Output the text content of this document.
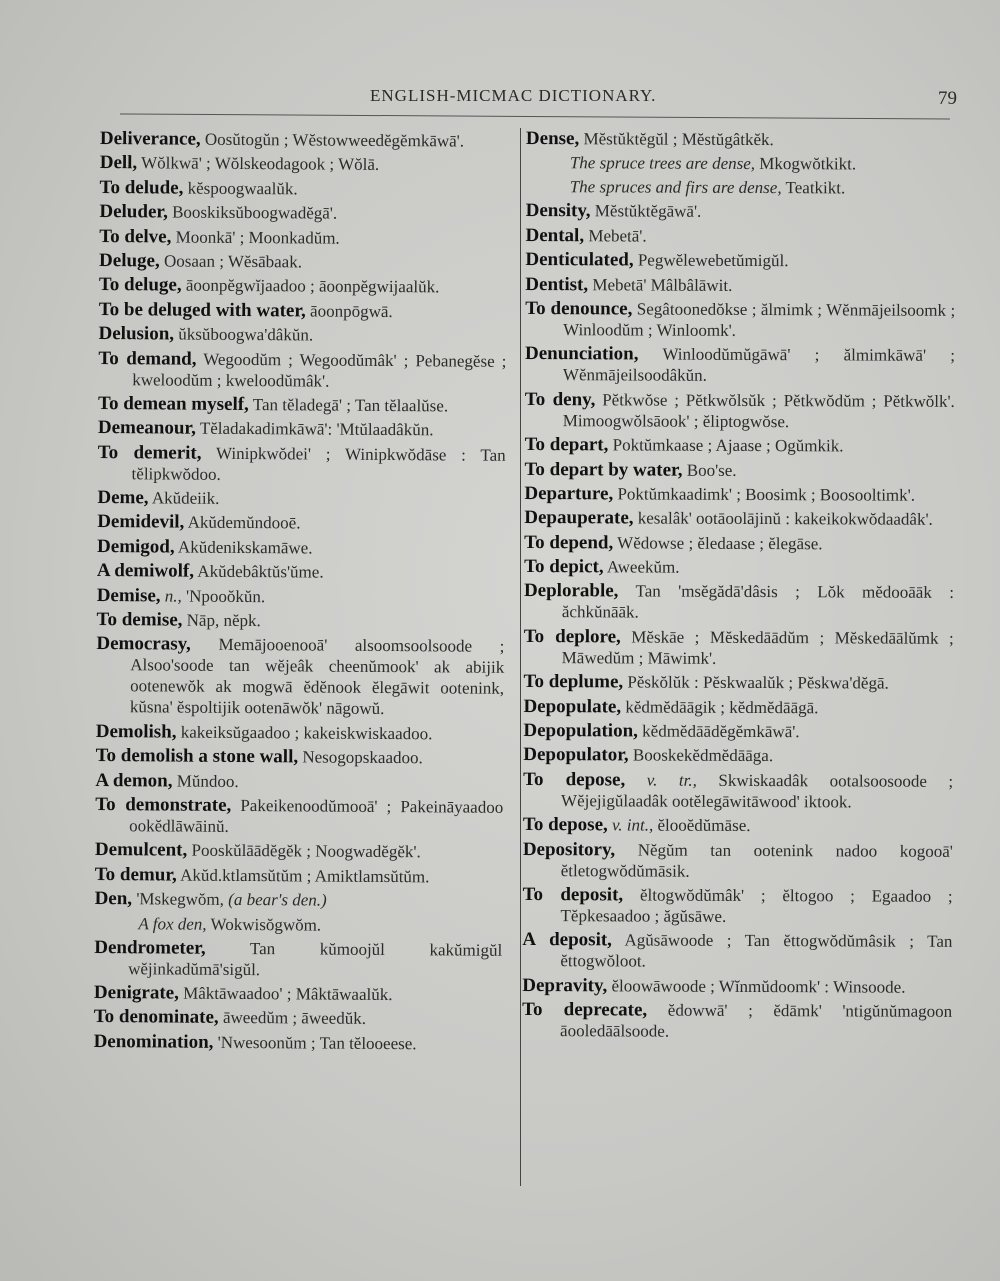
ENGLISH-MICMAC DICTIONARY.	79
Deliverance, Oosŭtogŭn ; Wĕstowweedĕgĕmkāwā'.
Dell, Wŏlkwā' ; Wŏlskeodagook ; Wŏlā.
To delude, kĕspoogwaalŭk.
Deluder, Booskiksŭboogwadĕgā'.
To delve, Moonkā' ; Moonkadŭm.
Deluge, Oosaan ; Wĕsābaak.
To deluge, āoonpĕgwĭjaadoo ; āoonpĕgwijaalŭk.
To be deluged with water, āoonpōgwā.
Delusion, ŭksŭboogwa'dâkŭn.
To demand, Wegoodŭm ; Wegoodŭmâk' ; Pebanegĕse ; kweloodŭm ; kweloodŭmâk'.
To demean myself, Tan tĕladegā' ; Tan tĕlaalŭse.
Demeanour, Tĕladakadimkāwā': 'Mtŭlaadâkŭn.
To demerit, Winipkwŏdei' ; Winipkwŏdāse : Tan tĕlipkwŏdoo.
Deme, Akŭdeiik.
Demidevil, Akŭdemŭndooē.
Demigod, Akŭdenikskamāwe.
A demiwolf, Akŭdebâktŭs'ŭme.
Demise, n., 'Npooŏkŭn.
To demise, Nāp, nĕpk.
Democrasy, Memājooenooā' alsoomsoolsoode ; Alsoo'soode tan wĕjeâk cheenŭmook' ak abijik ootenewŏk ak mogwā ĕdĕnook ĕlegāwit ootenink, kŭsna' ĕspoltijik ootenāwŏk' nāgowŭ.
Demolish, kakeiksŭgaadoo ; kakeiskwiskaadoo.
To demolish a stone wall, Nesogopskaadoo.
A demon, Mŭndoo.
To demonstrate, Pakeikenoodŭmooā' ; Pakeināyaadoo ookĕdlāwāinŭ.
Demulcent, Pooskŭlāādĕgĕk ; Noogwadĕgĕk'.
To demur, Akŭd.ktlamsŭtŭm ; Amiktlamsŭtŭm.
Den, 'Mskegwŏm, (a bear's den.)
A fox den, Wokwisŏgwŏm.
Dendrometer,	Tan kŭmoojŭl kakŭmigŭl wĕjinkadŭmā'sigŭl.
Denigrate, Mâktāwaadoo' ; Mâktāwaalŭk.
To denominate, āweedŭm ; āweedŭk.
Denomination, 'Nwesoonŭm ; Tan tĕlooeese.
Dense, Mĕstŭktĕgŭl ; Mĕstŭgâtkĕk.
The spruce trees are dense, Mkogwŏtkikt.
The spruces and firs are dense, Teatkikt.
Density, Mĕstŭktĕgāwā'.
Dental, Mebetā'.
Denticulated, Pegwĕlewebetŭmigŭl.
Dentist, Mebetā' Mâlbâlāwit.
To denounce, Segâtoonedŏkse ; ălmimk ; Wĕnmājeilsoomk ; Winloodŭm ; Winloomk'.
Denunciation, Winloodŭmŭgāwā' ; ălmimkāwā' ; Wĕnmājeilsoodâkŭn.
To deny, Pĕtkwŏse ; Pĕtkwŏlsŭk ; Pĕtkwŏdŭm ; Pĕtkwŏlk'. Mimoogwŏlsāook' ; ĕliptogwŏse.
To depart, Poktŭmkaase ; Ajaase ; Ogŭmkik.
To depart by water, Boo'se.
Departure, Poktŭmkaadimk' ; Boosimk ; Boosooltimk'.
Depauperate, kesalâk' ootāoolājinŭ : kakeikokwŏdaadâk'.
To depend, Wĕdowse ; ĕledaase ; ĕlegāse.
To depict, Aweekŭm.
Deplorable, Tan 'msĕgădā'dâsis ; Lŏk mĕdooāāk : ăchkŭnāāk.
To deplore, Mĕskāe ; Mĕskedāādŭm ; Mĕskedāālŭmk ; Māwedŭm ; Māwimk'.
To deplume, Pĕskŏlŭk : Pĕskwaalŭk ; Pĕskwa'dĕgā.
Depopulate, kĕdmĕdāāgik ; kĕdmĕdāāgā.
Depopulation, kĕdmĕdāādĕgĕmkāwā'.
Depopulator, Booskekĕdmĕdāāga.
To depose, v. tr., Skwiskaadâk ootalsoosoode ; Wĕjejigŭlaadâk ootĕlegāwitāwood' iktook.
To depose, v. int., ĕlooĕdŭmāse.
Depository, Nĕgŭm tan ootenink nadoo kogooā' ĕtletogwŏdŭmāsik.
To deposit, ĕltogwŏdŭmâk' ; ĕltogoo ; Egaadoo ; Tĕpkesaadoo ; ăgŭsāwe.
A deposit, Agŭsāwoode ; Tan ĕttogwŏdŭmâsik ; Tan ĕttogwŏloot.
Depravity, ĕloowāwoode ; Wĭnmŭdoomk' : Winsoode.
To deprecate, ĕdowwā' ; ĕdāmk' 'ntigŭnŭmagoon āooledāālsoode.
